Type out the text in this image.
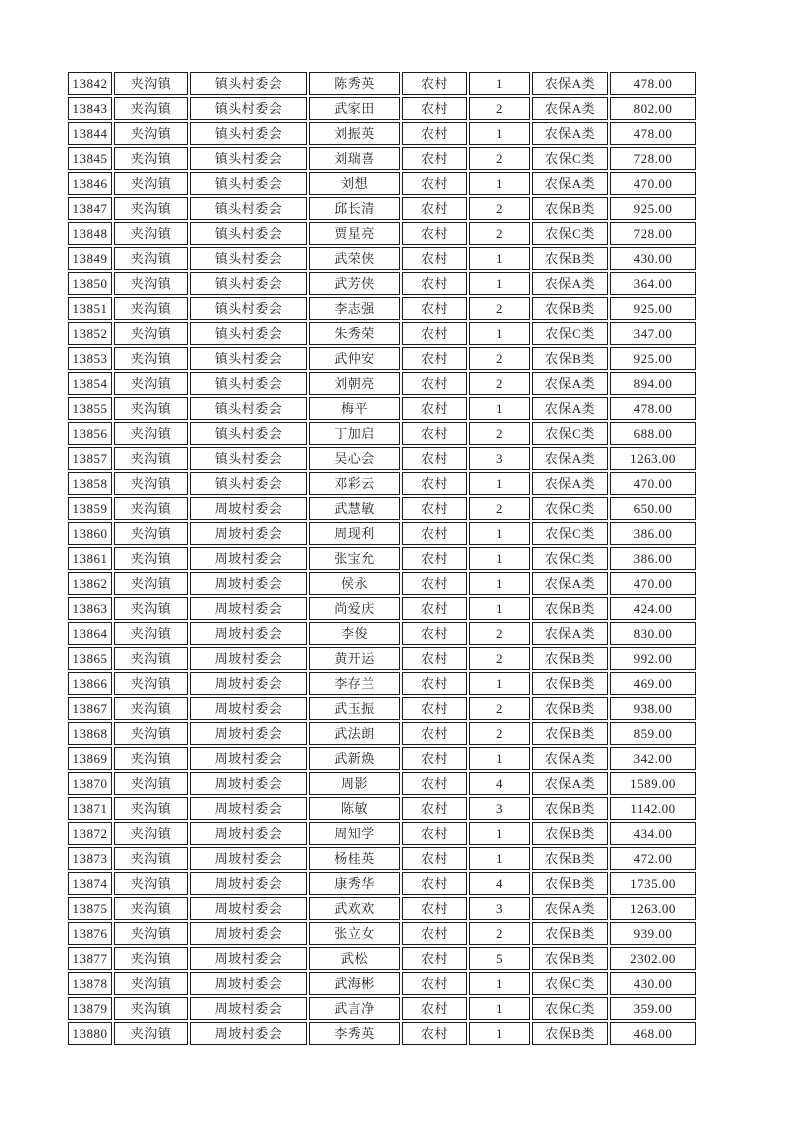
13842	夹沟镇	镇头村委会	陈秀英	农村	1	农保A类	478.00
13843	夹沟镇	镇头村委会	武家田	农村	2	农保A类	802.00
13844	夹沟镇	镇头村委会	刘振英	农村	1	农保A类	478.00
13845	夹沟镇	镇头村委会	刘瑞喜	农村	2	农保C类	728.00
13846	夹沟镇	镇头村委会	刘想	农村	1	农保A类	470.00
13847	夹沟镇	镇头村委会	邱长清	农村	2	农保B类	925.00
13848	夹沟镇	镇头村委会	贾星亮	农村	2	农保C类	728.00
13849	夹沟镇	镇头村委会	武荣侠	农村	1	农保B类	430.00
13850	夹沟镇	镇头村委会	武芳侠	农村	1	农保A类	364.00
13851	夹沟镇	镇头村委会	李志强	农村	2	农保B类	925.00
13852	夹沟镇	镇头村委会	朱秀荣	农村	1	农保C类	347.00
13853	夹沟镇	镇头村委会	武仲安	农村	2	农保B类	925.00
13854	夹沟镇	镇头村委会	刘朝亮	农村	2	农保A类	894.00
13855	夹沟镇	镇头村委会	梅平	农村	1	农保A类	478.00
13856	夹沟镇	镇头村委会	丁加启	农村	2	农保C类	688.00
13857	夹沟镇	镇头村委会	吴心会	农村	3	农保A类	1263.00
13858	夹沟镇	镇头村委会	邓彩云	农村	1	农保A类	470.00
13859	夹沟镇	周坡村委会	武慧敏	农村	2	农保C类	650.00
13860	夹沟镇	周坡村委会	周现利	农村	1	农保C类	386.00
13861	夹沟镇	周坡村委会	张宝允	农村	1	农保C类	386.00
13862	夹沟镇	周坡村委会	侯永	农村	1	农保A类	470.00
13863	夹沟镇	周坡村委会	尚爱庆	农村	1	农保B类	424.00
13864	夹沟镇	周坡村委会	李俊	农村	2	农保A类	830.00
13865	夹沟镇	周坡村委会	黄开运	农村	2	农保B类	992.00
13866	夹沟镇	周坡村委会	李存兰	农村	1	农保B类	469.00
13867	夹沟镇	周坡村委会	武玉振	农村	2	农保B类	938.00
13868	夹沟镇	周坡村委会	武法朗	农村	2	农保B类	859.00
13869	夹沟镇	周坡村委会	武新焕	农村	1	农保A类	342.00
13870	夹沟镇	周坡村委会	周影	农村	4	农保A类	1589.00
13871	夹沟镇	周坡村委会	陈敏	农村	3	农保B类	1142.00
13872	夹沟镇	周坡村委会	周知学	农村	1	农保B类	434.00
13873	夹沟镇	周坡村委会	杨桂英	农村	1	农保B类	472.00
13874	夹沟镇	周坡村委会	康秀华	农村	4	农保B类	1735.00
13875	夹沟镇	周坡村委会	武欢欢	农村	3	农保A类	1263.00
13876	夹沟镇	周坡村委会	张立女	农村	2	农保B类	939.00
13877	夹沟镇	周坡村委会	武松	农村	5	农保B类	2302.00
13878	夹沟镇	周坡村委会	武海彬	农村	1	农保C类	430.00
13879	夹沟镇	周坡村委会	武言净	农村	1	农保C类	359.00
13880	夹沟镇	周坡村委会	李秀英	农村	1	农保B类	468.00
